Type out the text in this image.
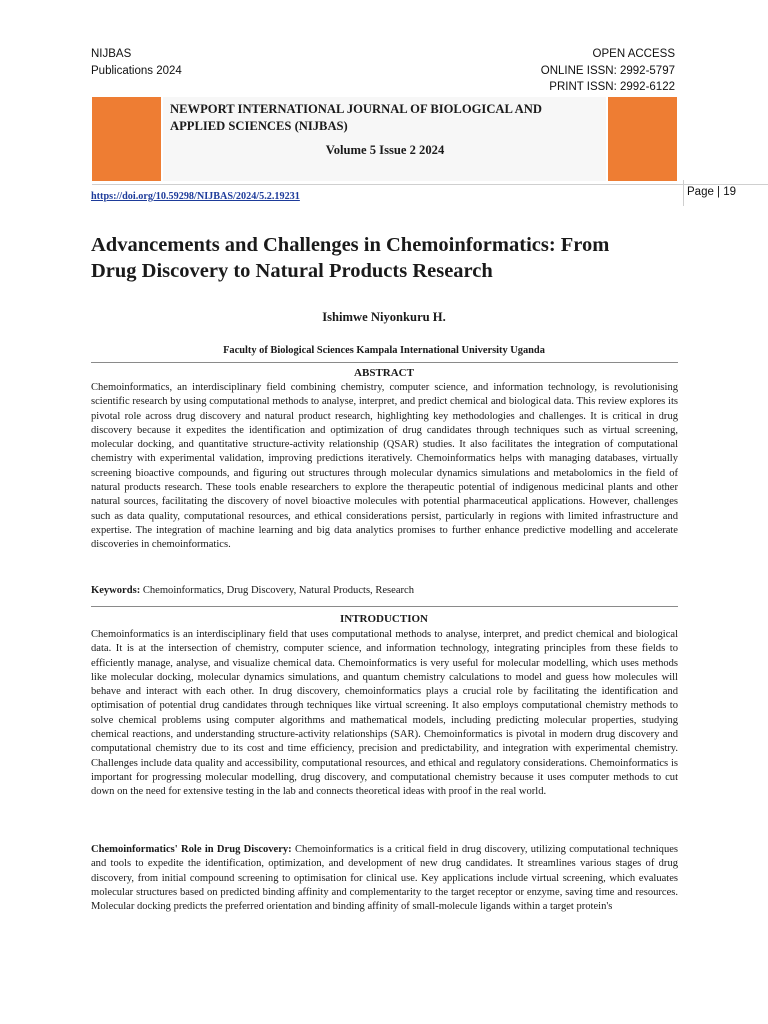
NIJBAS
Publications 2024
OPEN ACCESS
ONLINE ISSN: 2992-5797
PRINT ISSN: 2992-6122
NEWPORT INTERNATIONAL JOURNAL OF BIOLOGICAL AND
APPLIED SCIENCES (NIJBAS)
Volume 5 Issue 2 2024
https://doi.org/10.59298/NIJBAS/2024/5.2.19231	Page | 19
Advancements and Challenges in Chemoinformatics: From
Drug Discovery to Natural Products Research
Ishimwe Niyonkuru H.
Faculty of Biological Sciences Kampala International University Uganda
ABSTRACT
Chemoinformatics, an interdisciplinary field combining chemistry, computer science, and information technology, is revolutionising scientific research by using computational methods to analyse, interpret, and predict chemical and biological data. This review explores its pivotal role across drug discovery and natural product research, highlighting key methodologies and challenges. It is critical in drug discovery because it expedites the identification and optimization of drug candidates through techniques such as virtual screening, molecular docking, and quantitative structure-activity relationship (QSAR) studies. It also facilitates the integration of computational chemistry with experimental validation, improving predictions iteratively. Chemoinformatics helps with managing databases, virtually screening bioactive compounds, and figuring out structures through molecular dynamics simulations and metabolomics in the field of natural products research. These tools enable researchers to explore the therapeutic potential of indigenous medicinal plants and other natural sources, facilitating the discovery of novel bioactive molecules with potential pharmaceutical applications. However, challenges such as data quality, computational resources, and ethical considerations persist, particularly in regions with limited infrastructure and expertise. The integration of machine learning and big data analytics promises to further enhance predictive modelling and accelerate discoveries in chemoinformatics.
Keywords: Chemoinformatics, Drug Discovery, Natural Products, Research
INTRODUCTION
Chemoinformatics is an interdisciplinary field that uses computational methods to analyse, interpret, and predict chemical and biological data. It is at the intersection of chemistry, computer science, and information technology, integrating principles from these fields to efficiently manage, analyse, and visualize chemical data. Chemoinformatics is very useful for molecular modelling, which uses methods like molecular docking, molecular dynamics simulations, and quantum chemistry calculations to model and guess how molecules will behave and interact with each other. In drug discovery, chemoinformatics plays a crucial role by facilitating the identification and optimisation of potential drug candidates through techniques like virtual screening. It also employs computational chemistry methods to solve chemical problems using computer algorithms and mathematical models, including predicting molecular properties, studying chemical reactions, and understanding structure-activity relationships (SAR). Chemoinformatics is pivotal in modern drug discovery and computational chemistry due to its cost and time efficiency, precision and predictability, and integration with experimental chemistry. Challenges include data quality and accessibility, computational resources, and ethical and regulatory considerations. Chemoinformatics is important for progressing molecular modelling, drug discovery, and computational chemistry because it uses computer methods to cut down on the need for extensive testing in the lab and connects theoretical ideas with proof in the real world.
Chemoinformatics' Role in Drug Discovery: Chemoinformatics is a critical field in drug discovery, utilizing computational techniques and tools to expedite the identification, optimization, and development of new drug candidates. It streamlines various stages of drug discovery, from initial compound screening to optimisation for clinical use. Key applications include virtual screening, which evaluates molecular structures based on predicted binding affinity and complementarity to the target receptor or enzyme, saving time and resources. Molecular docking predicts the preferred orientation and binding affinity of small-molecule ligands within a target protein's
